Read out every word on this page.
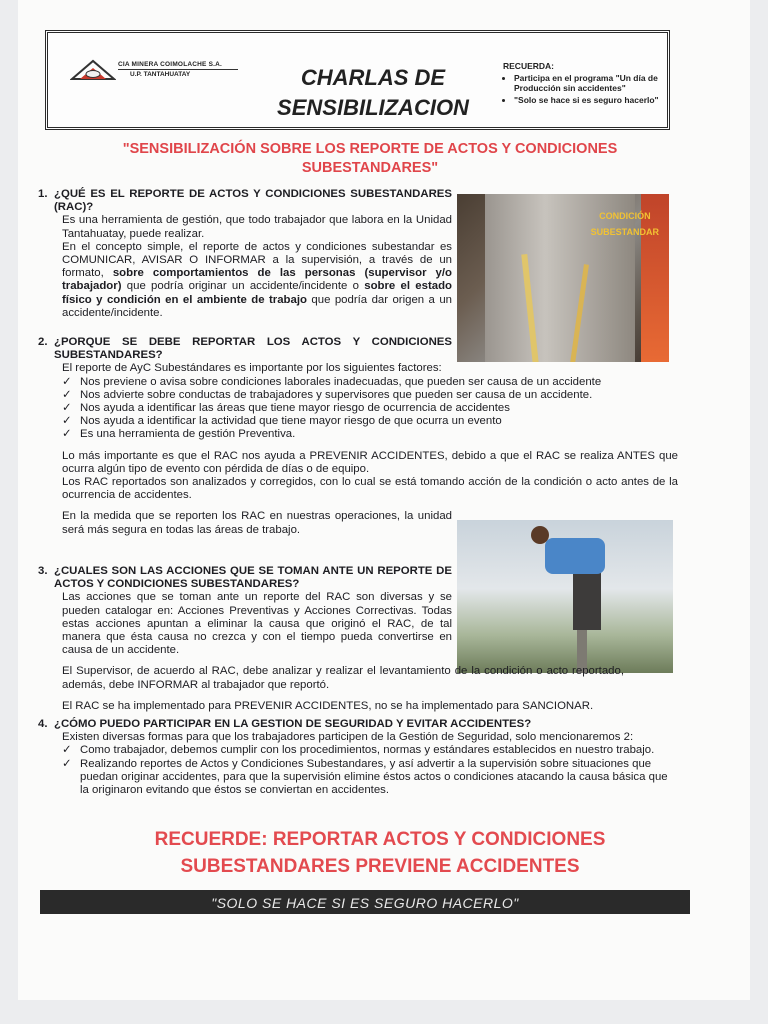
CIA MINERA COIMOLACHE S.A.
U.P. TANTAHUATAY	CHARLAS DE
SENSIBILIZACION
RECUERDA:
• Participa en el programa "Un día de Producción sin accidentes"
• "Solo se hace si es seguro hacerlo"
"SENSIBILIZACIÓN SOBRE LOS REPORTE DE ACTOS Y CONDICIONES SUBESTANDARES"
1. ¿QUÉ ES EL REPORTE DE ACTOS Y CONDICIONES SUBESTANDARES (RAC)?
Es una herramienta de gestión, que todo trabajador que labora en la Unidad Tantahuatay, puede realizar.
En el concepto simple, el reporte de actos y condiciones subestandar es COMUNICAR, AVISAR O INFORMAR a la supervisión, a través de un formato, sobre comportamientos de las personas (supervisor y/o trabajador) que podría originar un accidente/incidente o sobre el estado físico y condición en el ambiente de trabajo que podría dar origen a un accidente/incidente.
CONDICIÓN
SUBESTANDAR
2. ¿PORQUE SE DEBE REPORTAR LOS ACTOS Y CONDICIONES SUBESTANDARES?
El reporte de AyC Subestándares es importante por los siguientes factores:
✓ Nos previene o avisa sobre condiciones laborales inadecuadas, que pueden ser causa de un accidente
✓ Nos advierte sobre conductas de trabajadores y supervisores que pueden ser causa de un accidente.
✓ Nos ayuda a identificar las áreas que tiene mayor riesgo de ocurrencia de accidentes
✓ Nos ayuda a identificar la actividad que tiene mayor riesgo de que ocurra un evento
✓ Es una herramienta de gestión Preventiva.
Lo más importante es que el RAC nos ayuda a PREVENIR ACCIDENTES, debido a que el RAC se realiza ANTES que ocurra algún tipo de evento con pérdida de días o de equipo.
Los RAC reportados son analizados y corregidos, con lo cual se está tomando acción de la condición o acto antes de la ocurrencia de accidentes.
En la medida que se reporten los RAC en nuestras operaciones, la unidad será más segura en todas las áreas de trabajo.
3. ¿CUALES SON LAS ACCIONES QUE SE TOMAN ANTE UN REPORTE DE ACTOS Y CONDICIONES SUBESTANDARES?
Las acciones que se toman ante un reporte del RAC son diversas y se pueden catalogar en: Acciones Preventivas y Acciones Correctivas. Todas estas acciones apuntan a eliminar la causa que originó el RAC, de tal manera que ésta causa no crezca y con el tiempo pueda convertirse en causa de un accidente.
El Supervisor, de acuerdo al RAC, debe analizar y realizar el levantamiento de la condición o acto reportado, además, debe INFORMAR al trabajador que reportó.
El RAC se ha implementado para PREVENIR ACCIDENTES, no se ha implementado para SANCIONAR.
4. ¿CÓMO PUEDO PARTICIPAR EN LA GESTION DE SEGURIDAD Y EVITAR ACCIDENTES?
Existen diversas formas para que los trabajadores participen de la Gestión de Seguridad, solo mencionaremos 2:
✓ Como trabajador, debemos cumplir con los procedimientos, normas y estándares establecidos en nuestro trabajo.
✓ Realizando reportes de Actos y Condiciones Subestandares, y así advertir a la supervisión sobre situaciones que puedan originar accidentes, para que la supervisión elimine éstos actos o condiciones atacando la causa básica que la originaron evitando que éstos se conviertan en accidentes.
RECUERDE: REPORTAR ACTOS Y CONDICIONES
SUBESTANDARES PREVIENE ACCIDENTES
"SOLO SE HACE SI ES SEGURO HACERLO"
